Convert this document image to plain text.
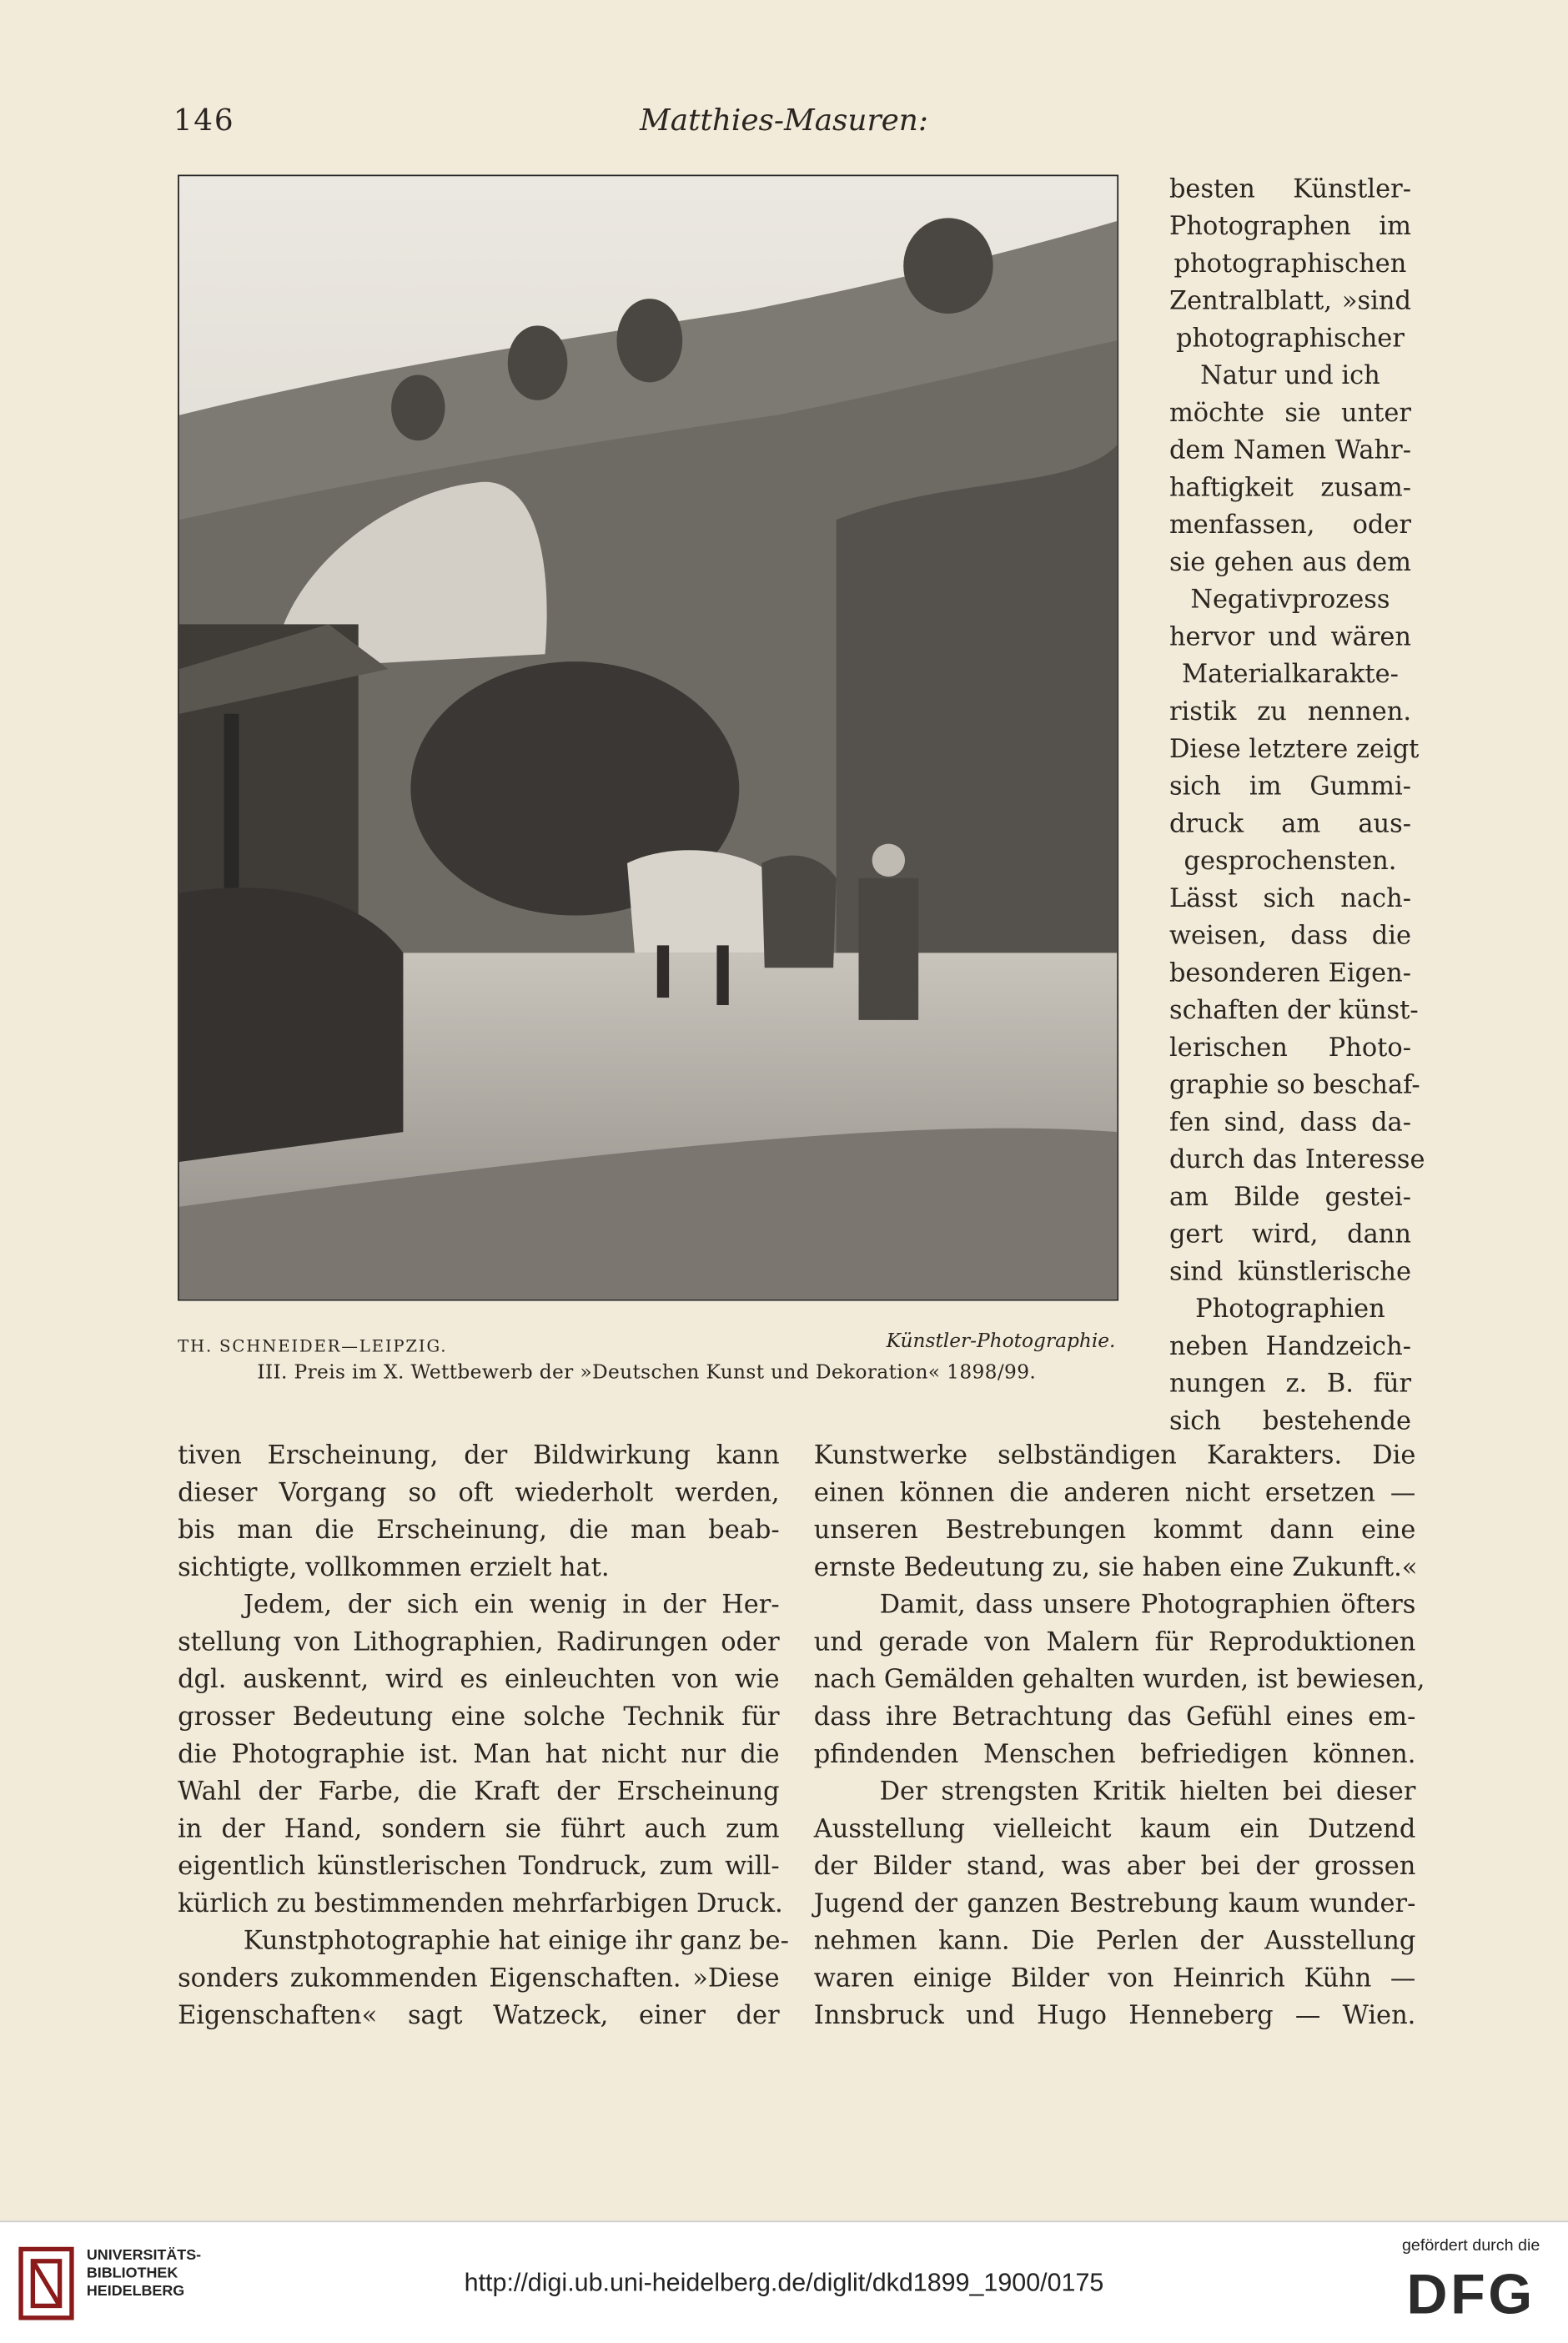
146	Matthies-Masuren:
TH. SCHNEIDER—LEIPZIG.	Künstler-Photographie.
III. Preis im X. Wettbewerb der »Deutschen Kunst und Dekoration« 1898/99.
besten Künstler-
Photographen im
photographischen
Zentralblatt, »sind
photographischer
Natur und ich
möchte sie unter
dem Namen Wahr-
haftigkeit zusam-
menfassen, oder
sie gehen aus dem
Negativprozess
hervor und wären
Materialkarakte-
ristik zu nennen.
Diese letztere zeigt
sich im Gummi-
druck am aus-
gesprochensten.
Lässt sich nach-
weisen, dass die
besonderen Eigen-
schaften der künst-
lerischen Photo-
graphie so beschaf-
fen sind, dass da-
durch das Interesse
am Bilde gestei-
gert wird, dann
sind künstlerische
Photographien
neben Handzeich-
nungen z. B. für
sich bestehende
tiven Erscheinung, der Bildwirkung kann
dieser Vorgang so oft wiederholt werden,
bis man die Erscheinung, die man beab-
sichtigte, vollkommen erzielt hat.
Jedem, der sich ein wenig in der Her-
stellung von Lithographien, Radirungen oder
dgl. auskennt, wird es einleuchten von wie
grosser Bedeutung eine solche Technik für
die Photographie ist. Man hat nicht nur die
Wahl der Farbe, die Kraft der Erscheinung
in der Hand, sondern sie führt auch zum
eigentlich künstlerischen Tondruck, zum will-
kürlich zu bestimmenden mehrfarbigen Druck.
Kunstphotographie hat einige ihr ganz be-
sonders zukommenden Eigenschaften. »Diese
Eigenschaften« sagt Watzeck, einer der
Kunstwerke selbständigen Karakters. Die
einen können die anderen nicht ersetzen —
unseren Bestrebungen kommt dann eine
ernste Bedeutung zu, sie haben eine Zukunft.«
Damit, dass unsere Photographien öfters
und gerade von Malern für Reproduktionen
nach Gemälden gehalten wurden, ist bewiesen,
dass ihre Betrachtung das Gefühl eines em-
pfindenden Menschen befriedigen können.
Der strengsten Kritik hielten bei dieser
Ausstellung vielleicht kaum ein Dutzend
der Bilder stand, was aber bei der grossen
Jugend der ganzen Bestrebung kaum wunder-
nehmen kann. Die Perlen der Ausstellung
waren einige Bilder von Heinrich Kühn —
Innsbruck und Hugo Henneberg — Wien.
UNIVERSITÄTS-
BIBLIOTHEK
HEIDELBERG	http://digi.ub.uni-heidelberg.de/diglit/dkd1899_1900/0175
gefördert durch die
DFG
